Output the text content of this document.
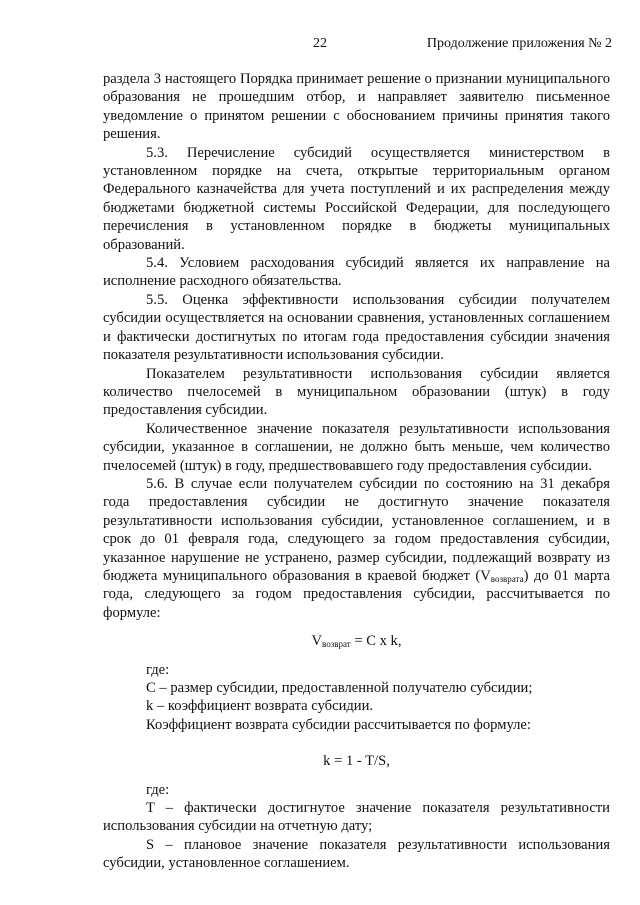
22	Продолжение приложения № 2

раздела 3 настоящего Порядка принимает решение о признании муниципального образования не прошедшим отбор, и направляет заявителю письменное уведомление о принятом решении с обоснованием причины принятия такого решения.

5.3. Перечисление субсидий осуществляется министерством в установленном порядке на счета, открытые территориальным органом Федерального казначейства для учета поступлений и их распределения между бюджетами бюджетной системы Российской Федерации, для последующего перечисления в установленном порядке в бюджеты муниципальных образований.

5.4. Условием расходования субсидий является их направление на исполнение расходного обязательства.

5.5. Оценка эффективности использования субсидии получателем субсидии осуществляется на основании сравнения, установленных соглашением и фактически достигнутых по итогам года предоставления субсидии значения показателя результативности использования субсидии.

Показателем результативности использования субсидии является количество пчелосемей в муниципальном образовании (штук) в году предоставления субсидии.

Количественное значение показателя результативности использования субсидии, указанное в соглашении, не должно быть меньше, чем количество пчелосемей (штук) в году, предшествовавшего году предоставления субсидии.

5.6. В случае если получателем субсидии по состоянию на 31 декабря года предоставления субсидии не достигнуто значение показателя результативности использования субсидии, установленное соглашением, и в срок до 01 февраля года, следующего за годом предоставления субсидии, указанное нарушение не устранено, размер субсидии, подлежащий возврату из бюджета муниципального образования в краевой бюджет $(V_{возврата})$ до 01 марта года, следующего за годом предоставления субсидии, рассчитывается по формуле:

$V_{возврат} = C$ x k,

где:

C – размер субсидии, предоставленной получателю субсидии;

k – коэффициент возврата субсидии.

Коэффициент возврата субсидии рассчитывается по формуле:

k = 1 - T/S,

где:

T – фактически достигнутое значение показателя результативности использования субсидии на отчетную дату;

S – плановое значение показателя результативности использования субсидии, установленное соглашением.
